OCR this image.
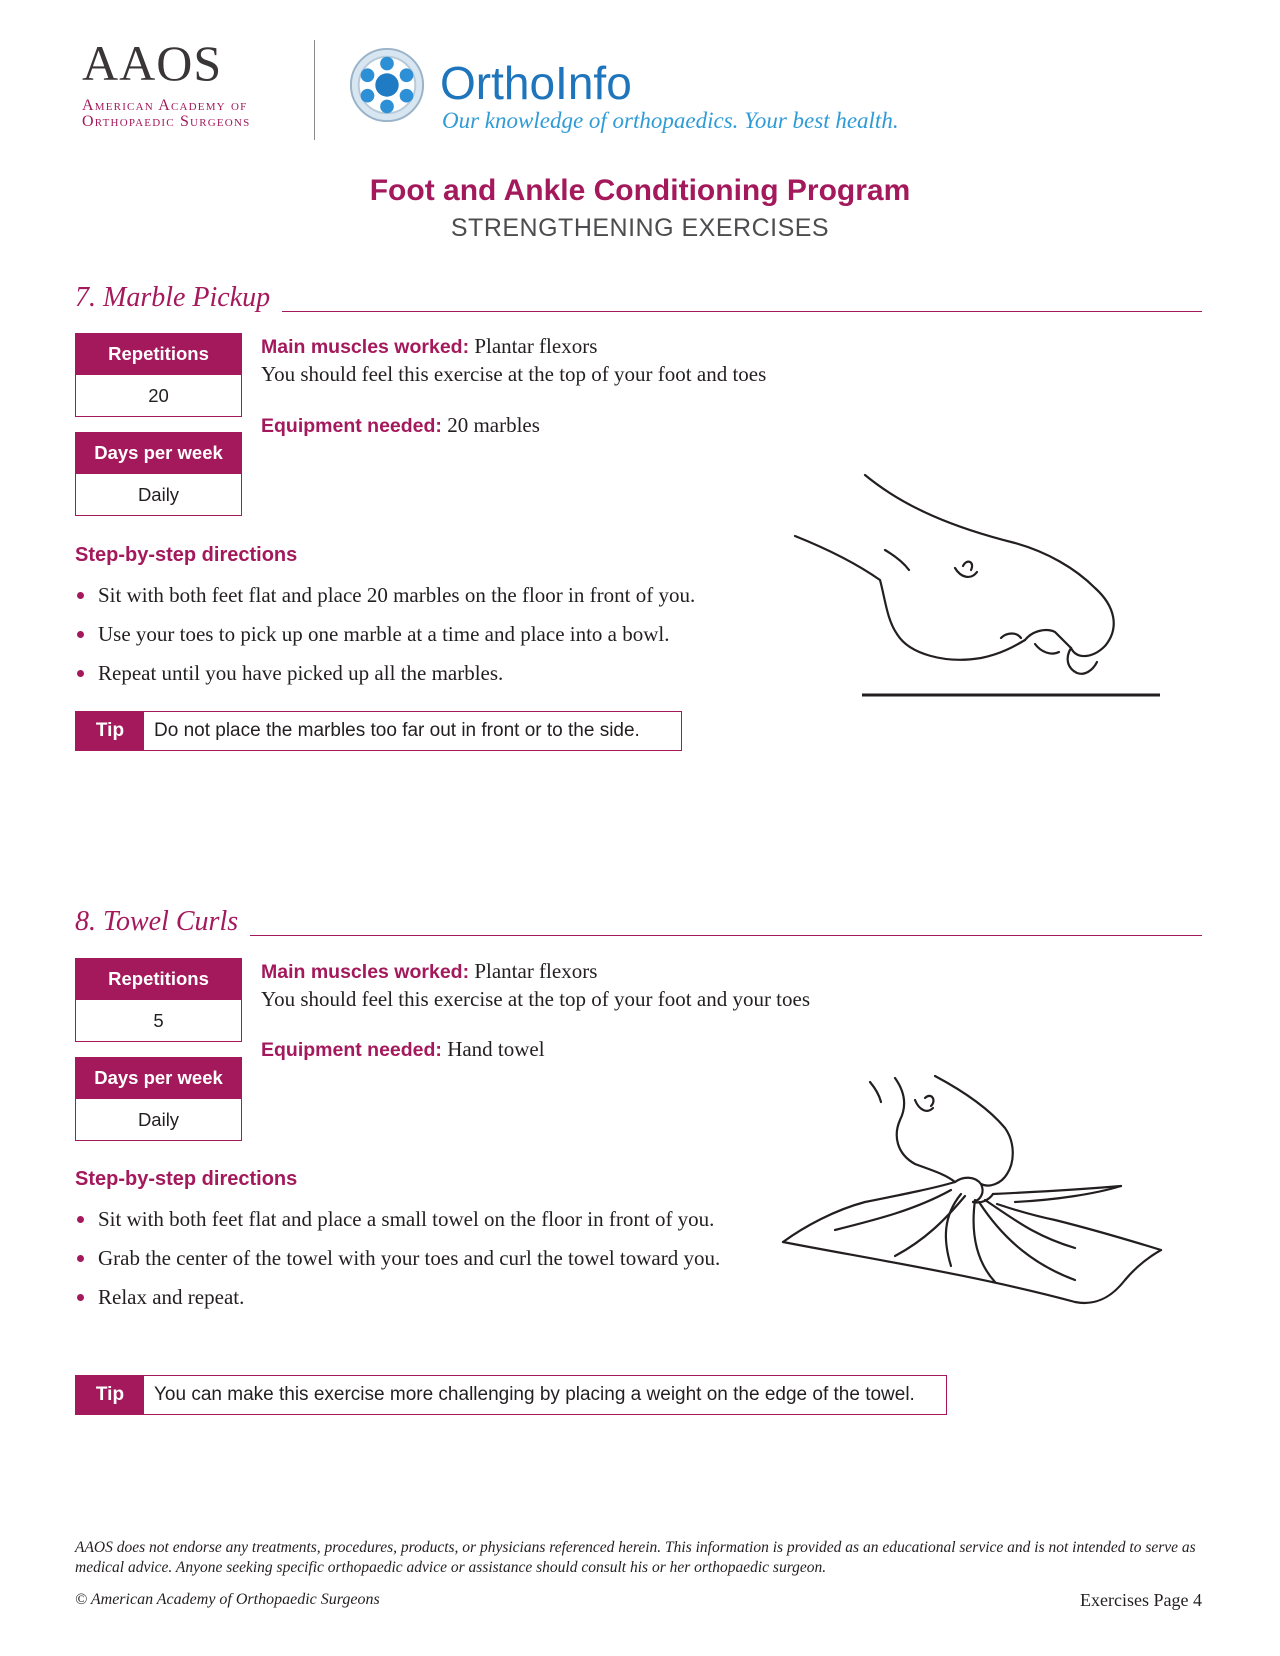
AAOS
American Academy of
Orthopaedic Surgeons
OrthoInfo
Our knowledge of orthopaedics. Your best health.
Foot and Ankle Conditioning Program
STRENGTHENING EXERCISES
7. Marble Pickup
Repetitions
20
Days per week
Daily
Main muscles worked: Plantar flexors
You should feel this exercise at the top of your foot and toes
Equipment needed: 20 marbles
Step-by-step directions
Sit with both feet flat and place 20 marbles on the floor in front of you.
Use your toes to pick up one marble at a time and place into a bowl.
Repeat until you have picked up all the marbles.
Tip	Do not place the marbles too far out in front or to the side.
8. Towel Curls
Repetitions
5
Days per week
Daily
Main muscles worked: Plantar flexors
You should feel this exercise at the top of your foot and your toes
Equipment needed: Hand towel
Step-by-step directions
Sit with both feet flat and place a small towel on the floor in front of you.
Grab the center of the towel with your toes and curl the towel toward you.
Relax and repeat.
Tip	You can make this exercise more challenging by placing a weight on the edge of the towel.
AAOS does not endorse any treatments, procedures, products, or physicians referenced herein. This information is provided as an educational service and is not intended to serve as medical advice. Anyone seeking specific orthopaedic advice or assistance should consult his or her orthopaedic surgeon.
© American Academy of Orthopaedic Surgeons	Exercises Page 4
